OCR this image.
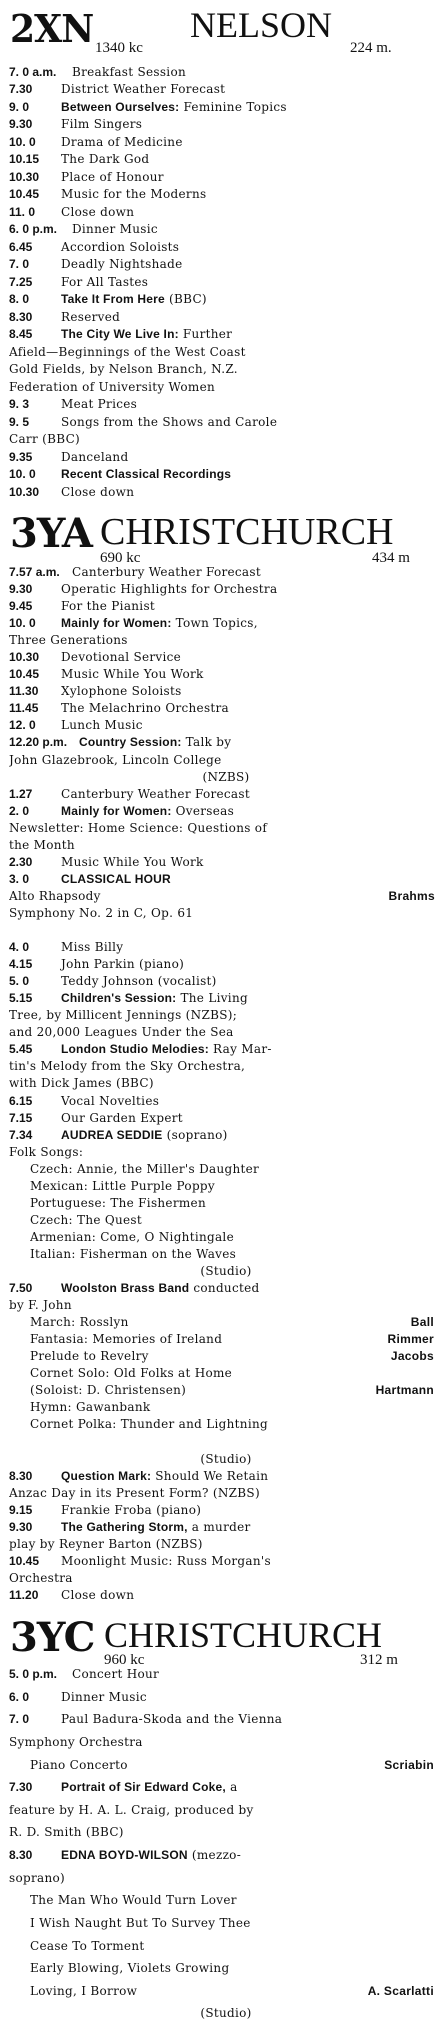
2XN	NELSON
1340 kc	224 m.
7. 0 a.m. Breakfast Session
7.30 District Weather Forecast
9. 0	Between Ourselves: Feminine Topics
9.30 Film Singers
10. 0 Drama of Medicine
10.15 The Dark God
10.30 Place of Honour
10.45 Music for the Moderns
11. 0 Close down
6. 0 p.m. Dinner Music
6.45 Accordion Soloists
7. 0	Deadly Nightshade
7.25 For All Tastes
8. 0	Take It From Here (BBC)
8.30 Reserved
8.45 The City We Live In: Further
Afield—Beginnings of the West Coast
Gold Fields, by Nelson Branch, N.Z.
Federation of University Women
9. 3	Meat Prices
9. 5	Songs from the Shows and Carole
Carr (BBC)
9.35 Danceland
10. 0 Recent Classical Recordings
10.30 Close down
3YA CHRISTCHURCH
690 kc	434 m
7.57 a.m. Canterbury Weather Forecast
9.30 Operatic Highlights for Orchestra
9.45 For the Pianist
10. 0 Mainly for Women: Town Topics,
Three Generations
10.30 Devotional Service
10.45 Music While You Work
11.30 Xylophone Soloists
11.45 The Melachrino Orchestra
12. 0 Lunch Music
12.20 p.m. Country Session: Talk by
John Glazebrook, Lincoln College
(NZBS)
1.27 Canterbury Weather Forecast
2. 0	Mainly for Women: Overseas
Newsletter: Home Science: Questions of
the Month
2.30 Music While You Work
3. 0	CLASSICAL HOUR
Alto Rhapsody	Brahms
Symphony No. 2 in C, Op. 61
4. 0	Miss Billy
4.15 John Parkin (piano)
5. 0	Teddy Johnson (vocalist)
5.15 Children's Session: The Living
Tree, by Millicent Jennings (NZBS);
and 20,000 Leagues Under the Sea
5.45 London Studio Melodies: Ray Mar-
tin's Melody from the Sky Orchestra,
with Dick James (BBC)
6.15 Vocal Novelties
7.15 Our Garden Expert
7.34 AUDREA SEDDIE (soprano)
Folk Songs:
Czech: Annie, the Miller's Daughter
Mexican: Little Purple Poppy
Portuguese: The Fishermen
Czech: The Quest
Armenian: Come, O Nightingale
Italian: Fisherman on the Waves
(Studio)
7.50 Woolston Brass Band conducted
by F. John
March: Rosslyn	Ball
Fantasia: Memories of Ireland	Rimmer
Prelude to Revelry	Jacobs
Cornet Solo: Old Folks at Home
(Soloist: D. Christensen)	Hartmann
Hymn: Gawanbank
Cornet Polka: Thunder and Lightning
(Studio)
8.30 Question Mark: Should We Retain
Anzac Day in its Present Form? (NZBS)
9.15 Frankie Froba (piano)
9.30 The Gathering Storm, a murder
play by Reyner Barton (NZBS)
10.45 Moonlight Music: Russ Morgan's
Orchestra
11.20 Close down
3YC CHRISTCHURCH
960 kc	312 m
5. 0 p.m. Concert Hour
6. 0	Dinner Music
7. 0	Paul Badura-Skoda and the Vienna
Symphony Orchestra
Piano Concerto	Scriabin
7.30 Portrait of Sir Edward Coke, a
feature by H. A. L. Craig, produced by
R. D. Smith (BBC)
8.30 EDNA BOYD-WILSON (mezzo-
soprano)
The Man Who Would Turn Lover
I Wish Naught But To Survey Thee
Cease To Torment
Early Blowing, Violets Growing
Loving, I Borrow	A. Scarlatti
(Studio)
